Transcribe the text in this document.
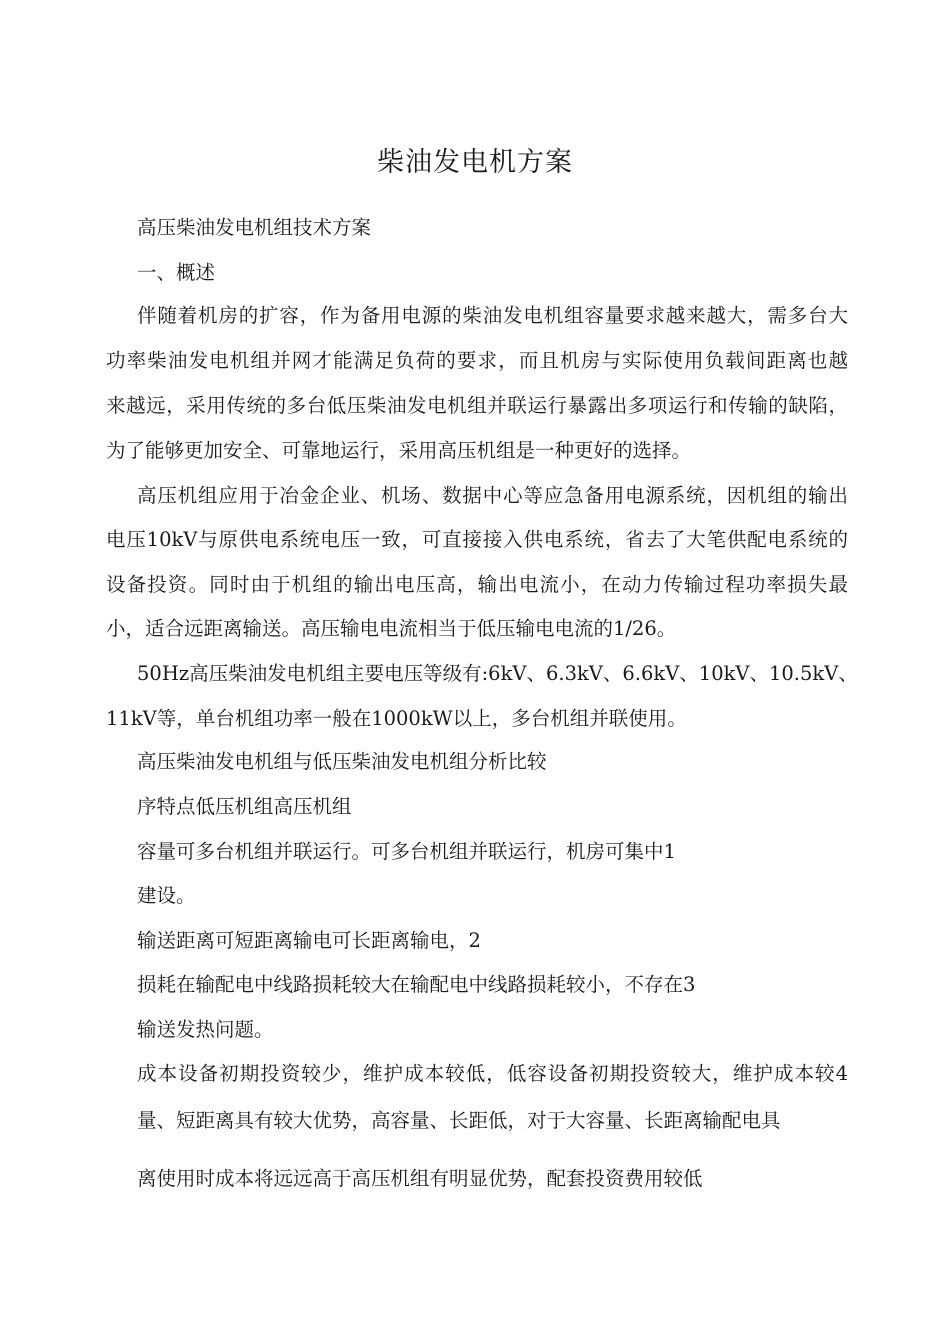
柴油发电机方案
高压柴油发电机组技术方案
一、概述
伴随着机房的扩容，作为备用电源的柴油发电机组容量要求越来越大，需多台大
功率柴油发电机组并网才能满足负荷的要求，而且机房与实际使用负载间距离也越
来越远，采用传统的多台低压柴油发电机组并联运行暴露出多项运行和传输的缺陷，
为了能够更加安全、可靠地运行，采用高压机组是一种更好的选择。
高压机组应用于冶金企业、机场、数据中心等应急备用电源系统，因机组的输出
电压10kV与原供电系统电压一致，可直接接入供电系统，省去了大笔供配电系统的
设备投资。同时由于机组的输出电压高，输出电流小，在动力传输过程功率损失最
小，适合远距离输送。高压输电电流相当于低压输电电流的1/26。
50Hz高压柴油发电机组主要电压等级有:6kV、6.3kV、6.6kV、10kV、10.5kV、
11kV等，单台机组功率一般在1000kW以上，多台机组并联使用。
高压柴油发电机组与低压柴油发电机组分析比较
序特点低压机组高压机组
容量可多台机组并联运行。可多台机组并联运行，机房可集中1
建设。
输送距离可短距离输电可长距离输电，2
损耗在输配电中线路损耗较大在输配电中线路损耗较小，不存在3
输送发热问题。
成本设备初期投资较少，维护成本较低，低容设备初期投资较大，维护成本较4
量、短距离具有较大优势，高容量、长距低，对于大容量、长距离输配电具
离使用时成本将远远高于高压机组有明显优势，配套投资费用较低
